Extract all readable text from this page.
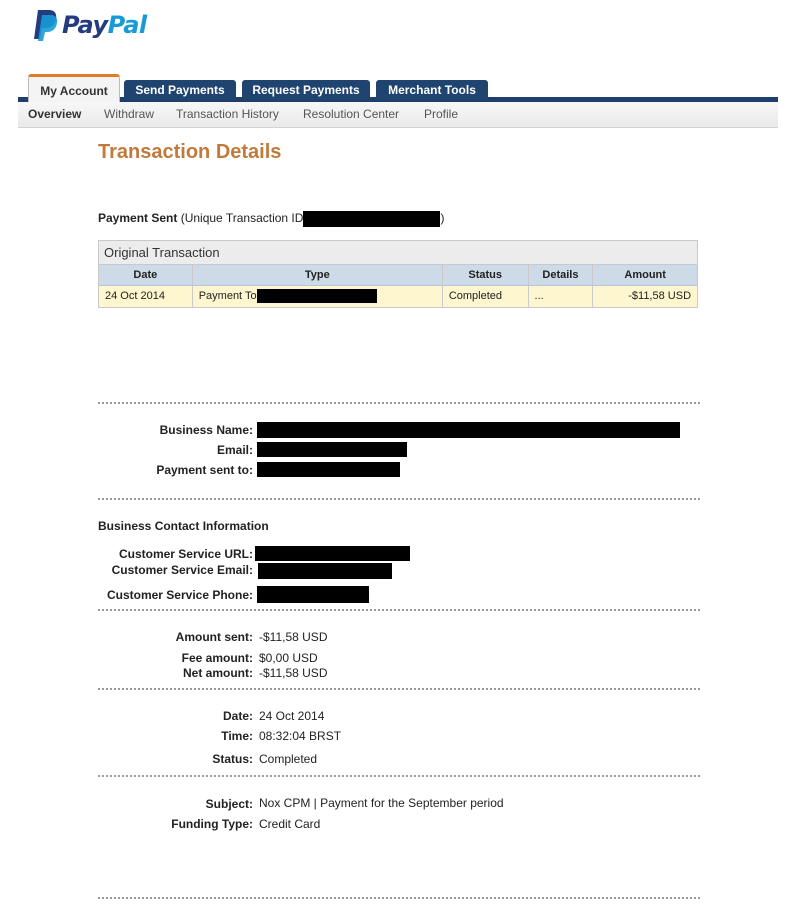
PayPal
My Account	Send Payments	Request Payments	Merchant Tools
Overview Withdraw Transaction History Resolution Center Profile
Transaction Details
Payment Sent (Unique Transaction ID	)
Original Transaction
Date	Type	Status	Details	Amount
24 Oct 2014	Payment To	Completed	...	-$11,58 USD
Business Name:
Email:
Payment sent to:
Business Contact Information
Customer Service URL:
Customer Service Email:
Customer Service Phone:
Amount sent: -$11,58 USD
Fee amount: $0,00 USD
Net amount: -$11,58 USD
Date: 24 Oct 2014
Time: 08:32:04 BRST
Status: Completed
Subject: Nox CPM | Payment for the September period
Funding Type: Credit Card
